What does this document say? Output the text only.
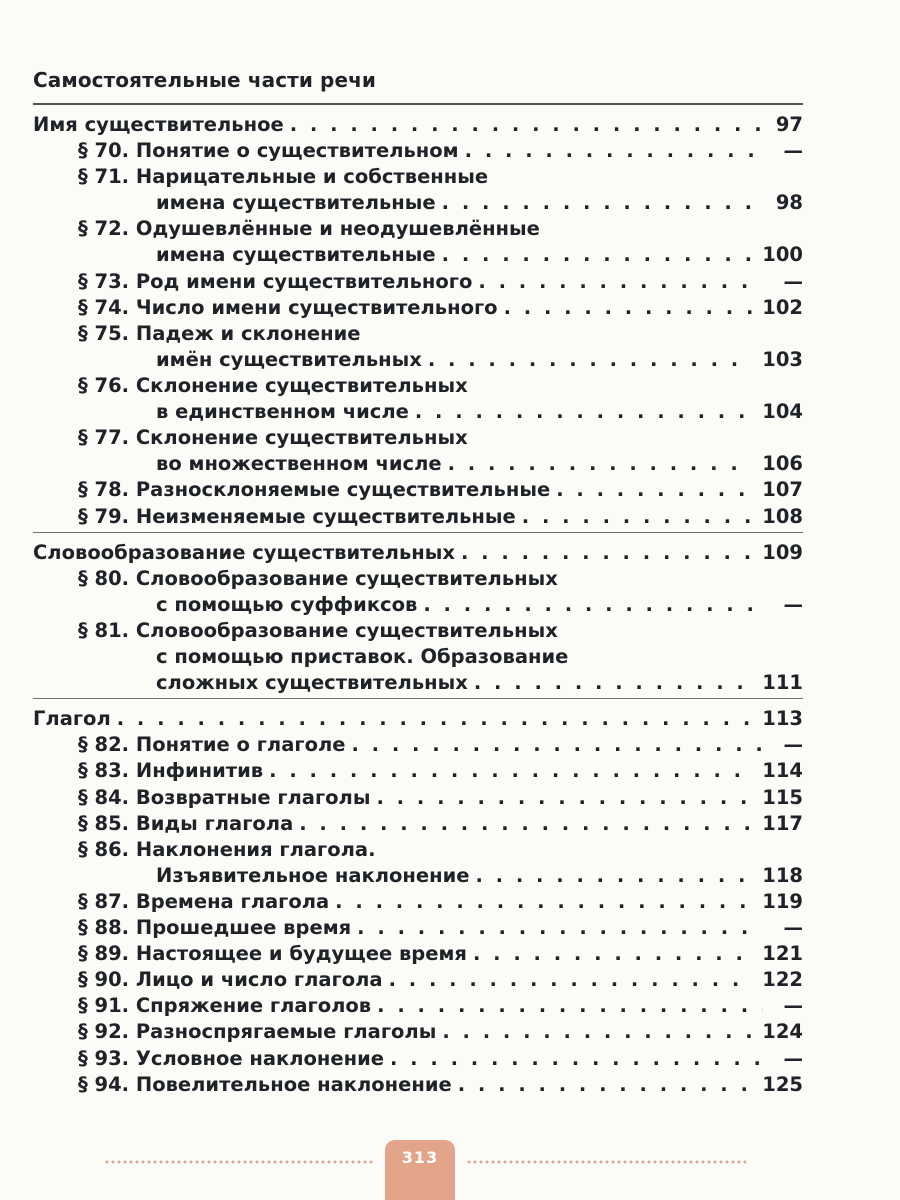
Самостоятельные части речи
Имя существительное . . .	97
§ 70. Понятие о существительном . . .	—
§ 71. Нарицательные и собственные
имена существительные . . .	98
§ 72. Одушевлённые и неодушевлённые
имена существительные . . .	100
§ 73. Род имени существительного . . .	—
§ 74. Число имени существительного . . .	102
§ 75. Падеж и склонение
имён существительных . . .	103
§ 76. Склонение существительных
в единственном числе . . .	104
§ 77. Склонение существительных
во множественном числе . . .	106
§ 78. Разносклоняемые существительные . . .	107
§ 79. Неизменяемые существительные . . .	108
Словообразование существительных . . .	109
§ 80. Словообразование существительных
с помощью суффиксов . . .	—
§ 81. Словообразование существительных
с помощью приставок. Образование
сложных существительных . . .	111
Глагол . . .	113
§ 82. Понятие о глаголе . . .	—
§ 83. Инфинитив . . .	114
§ 84. Возвратные глаголы . . .	115
§ 85. Виды глагола . . .	117
§ 86. Наклонения глагола.
Изъявительное наклонение . . .	118
§ 87. Времена глагола . . .	119
§ 88. Прошедшее время . . .	—
§ 89. Настоящее и будущее время . . .	121
§ 90. Лицо и число глагола . . .	122
§ 91. Спряжение глаголов . . .	—
§ 92. Разноспрягаемые глаголы . . .	124
§ 93. Условное наклонение . . .	—
§ 94. Повелительное наклонение . . .	125
313
